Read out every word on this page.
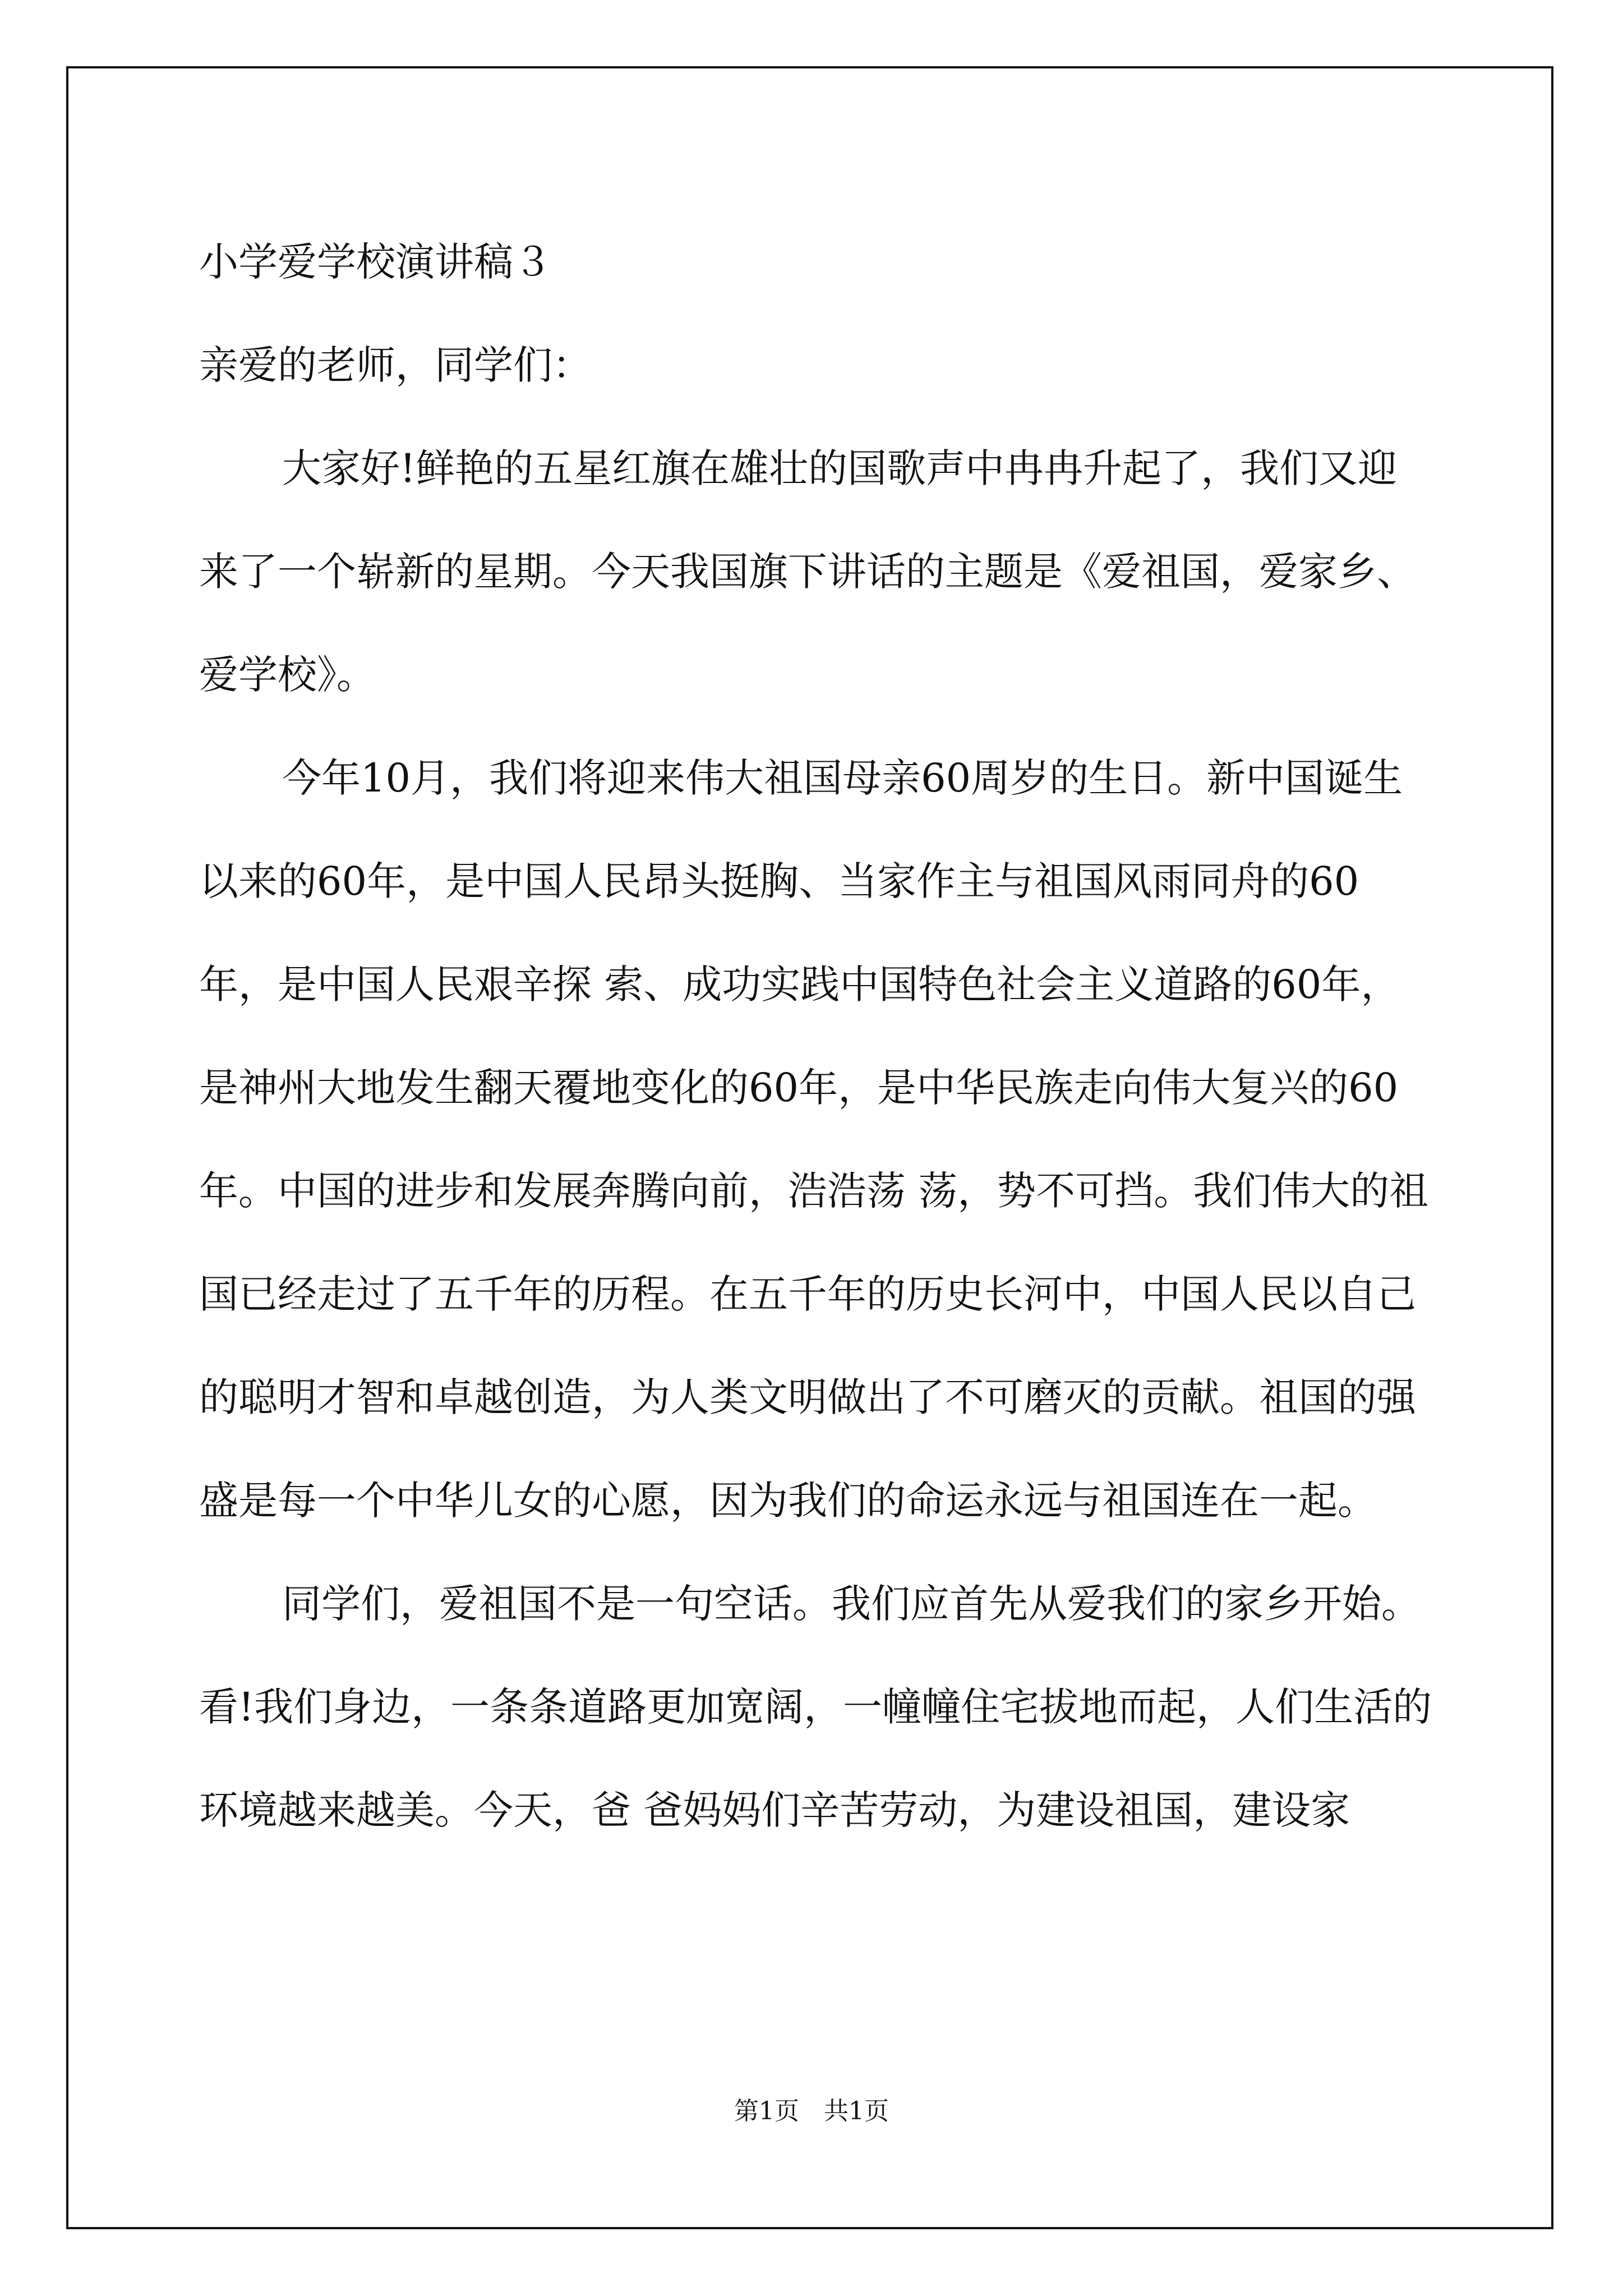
小学爱学校演讲稿３

亲爱的老师，同学们：

大家好!鲜艳的五星红旗在雄壮的国歌声中冉冉升起了，我们又迎来了一个崭新的星期。今天我国旗下讲话的主题是《爱祖国，爱家乡、爱学校》。

今年10月，我们将迎来伟大祖国母亲60周岁的生日。新中国诞生以来的60年，是中国人民昂头挺胸、当家作主与祖国风雨同舟的60年，是中国人民艰辛探 索、成功实践中国特色社会主义道路的60年，是神州大地发生翻天覆地变化的60年，是中华民族走向伟大复兴的60年。中国的进步和发展奔腾向前，浩浩荡 荡，势不可挡。我们伟大的祖国已经走过了五千年的历程。在五千年的历史长河中，中国人民以自己的聪明才智和卓越创造，为人类文明做出了不可磨灭的贡献。祖国的强盛是每一个中华儿女的心愿，因为我们的命运永远与祖国连在一起。

同学们，爱祖国不是一句空话。我们应首先从爱我们的家乡开始。看!我们身边，一条条道路更加宽阔，一幢幢住宅拔地而起，人们生活的环境越来越美。今天，爸 爸妈妈们辛苦劳动，为建设祖国，建设家

第1页　共1页
